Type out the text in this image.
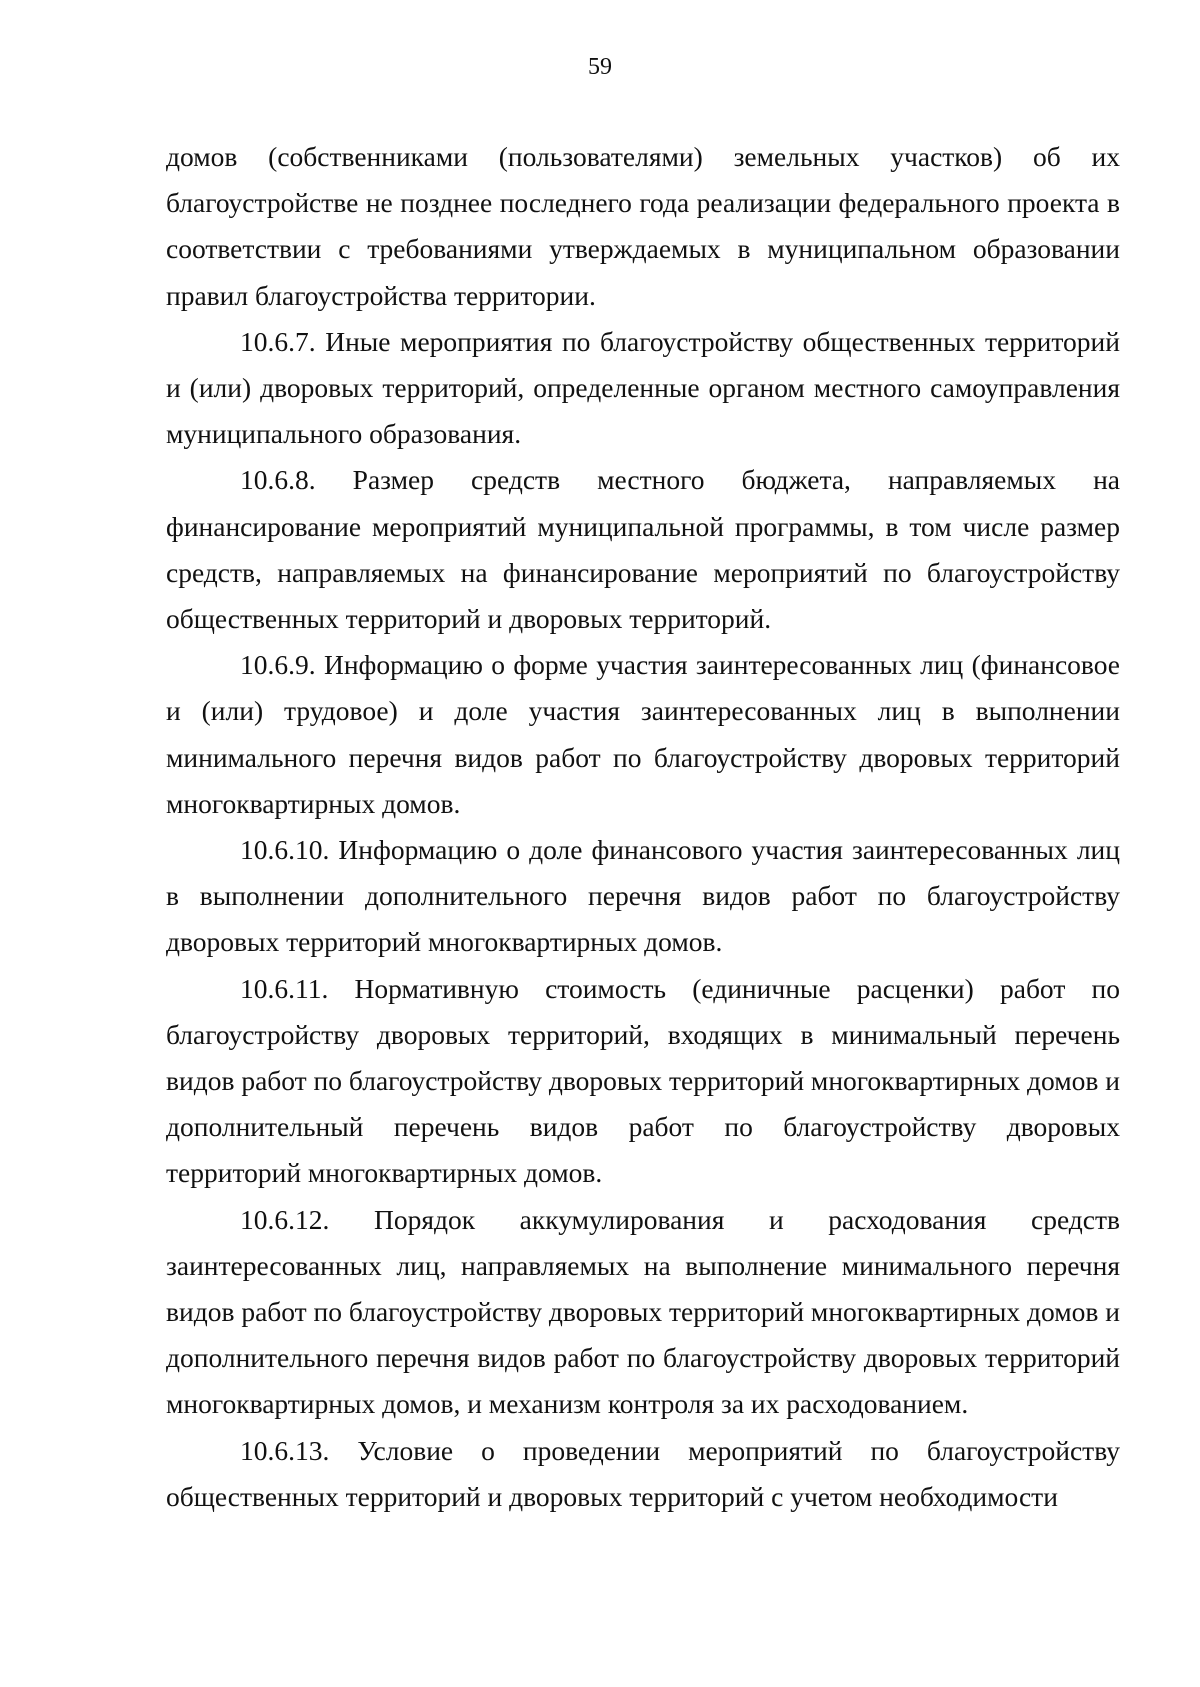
59

домов (собственниками (пользователями) земельных участков) об их благоустройстве не позднее последнего года реализации федерального проекта в соответствии с требованиями утверждаемых в муниципальном образовании правил благоустройства территории.

10.6.7. Иные мероприятия по благоустройству общественных территорий и (или) дворовых территорий, определенные органом местного самоуправления муниципального образования.

10.6.8. Размер средств местного бюджета, направляемых на финансирование мероприятий муниципальной программы, в том числе размер средств, направляемых на финансирование мероприятий по благоустройству общественных территорий и дворовых территорий.

10.6.9. Информацию о форме участия заинтересованных лиц (финансовое и (или) трудовое) и доле участия заинтересованных лиц в выполнении минимального перечня видов работ по благоустройству дворовых территорий многоквартирных домов.

10.6.10. Информацию о доле финансового участия заинтересованных лиц в выполнении дополнительного перечня видов работ по благоустройству дворовых территорий многоквартирных домов.

10.6.11. Нормативную стоимость (единичные расценки) работ по благоустройству дворовых территорий, входящих в минимальный перечень видов работ по благоустройству дворовых территорий многоквартирных домов и дополнительный перечень видов работ по благоустройству дворовых территорий многоквартирных домов.

10.6.12. Порядок аккумулирования и расходования средств заинтересованных лиц, направляемых на выполнение минимального перечня видов работ по благоустройству дворовых территорий многоквартирных домов и дополнительного перечня видов работ по благоустройству дворовых территорий многоквартирных домов, и механизм контроля за их расходованием.

10.6.13. Условие о проведении мероприятий по благоустройству общественных территорий и дворовых территорий с учетом необходимости
